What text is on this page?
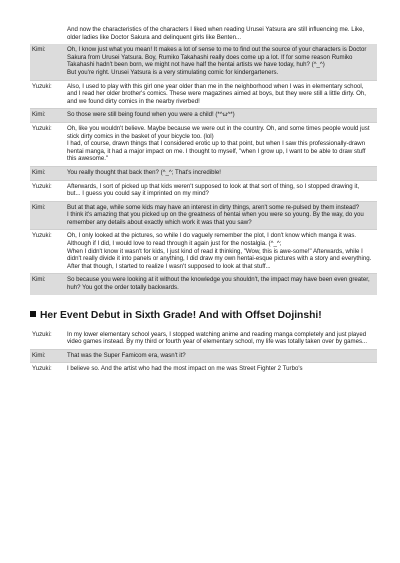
And now the characteristics of the characters I liked when reading Urusei Yatsura are still influencing me. Like, older ladies like Doctor Sakura and delinquent girls like Benten...
Kimi:	Oh, I know just what you mean! It makes a lot of sense to me to find out the source of your characters is Doctor Sakura from Urusei Yatsura. Boy, Rumiko Takahashi really does come up a lot. If for some reason Rumiko Takahashi hadn't been born, we might not have half the hentai artists we have today, huh? (^_^)
But you're right. Urusei Yatsura is a very stimulating comic for kindergarteners.
Yuzuki:	Also, I used to play with this girl one year older than me in the neighborhood when I was in elementary school, and I read her older brother's comics. These were magazines aimed at boys, but they were still a little dirty. Oh, and we found dirty comics in the nearby riverbed!
Kimi:	So those were still being found when you were a child! (*^ω^*)
Yuzuki:	Oh, like you wouldn't believe. Maybe because we were out in the country. Oh, and some times people would just stick dirty comics in the basket of your bicycle too. (lol)
I had, of course, drawn things that I considered erotic up to that point, but when I saw this professionally-drawn hentai manga, it had a major impact on me. I thought to myself, "when I grow up, I want to be able to draw stuff this awesome."
Kimi:	You really thought that back then? (^_^; That's incredible!
Yuzuki:	Afterwards, I sort of picked up that kids weren't supposed to look at that sort of thing, so I stopped drawing it, but... I guess you could say it imprinted on my mind?
Kimi:	But at that age, while some kids may have an interest in dirty things, aren't some re-pulsed by them instead?
I think it's amazing that you picked up on the greatness of hentai when you were so young. By the way, do you remember any details about exactly which work it was that you saw?
Yuzuki:	Oh, I only looked at the pictures, so while I do vaguely remember the plot, I don't know which manga it was. Although if I did, I would love to read through it again just for the nostalgia. (^_^;
When I didn't know it wasn't for kids, I just kind of read it thinking, "Wow, this is awe-some!" Afterwards, while I didn't really divide it into panels or anything, I did draw my own hentai-esque pictures with a story and everything. After that though, I started to realize I wasn't supposed to look at that stuff...
Kimi:	So because you were looking at it without the knowledge you shouldn't, the impact may have been even greater, huh? You got the order totally backwards.
Her Event Debut in Sixth Grade! And with Offset Dojinshi!
Yuzuki:	In my lower elementary school years, I stopped watching anime and reading manga completely and just played video games instead. By my third or fourth year of elementary school, my life was totally taken over by games...
Kimi:	That was the Super Famicom era, wasn't it?
Yuzuki:	I believe so. And the artist who had the most impact on me was Street Fighter 2 Turbo's
